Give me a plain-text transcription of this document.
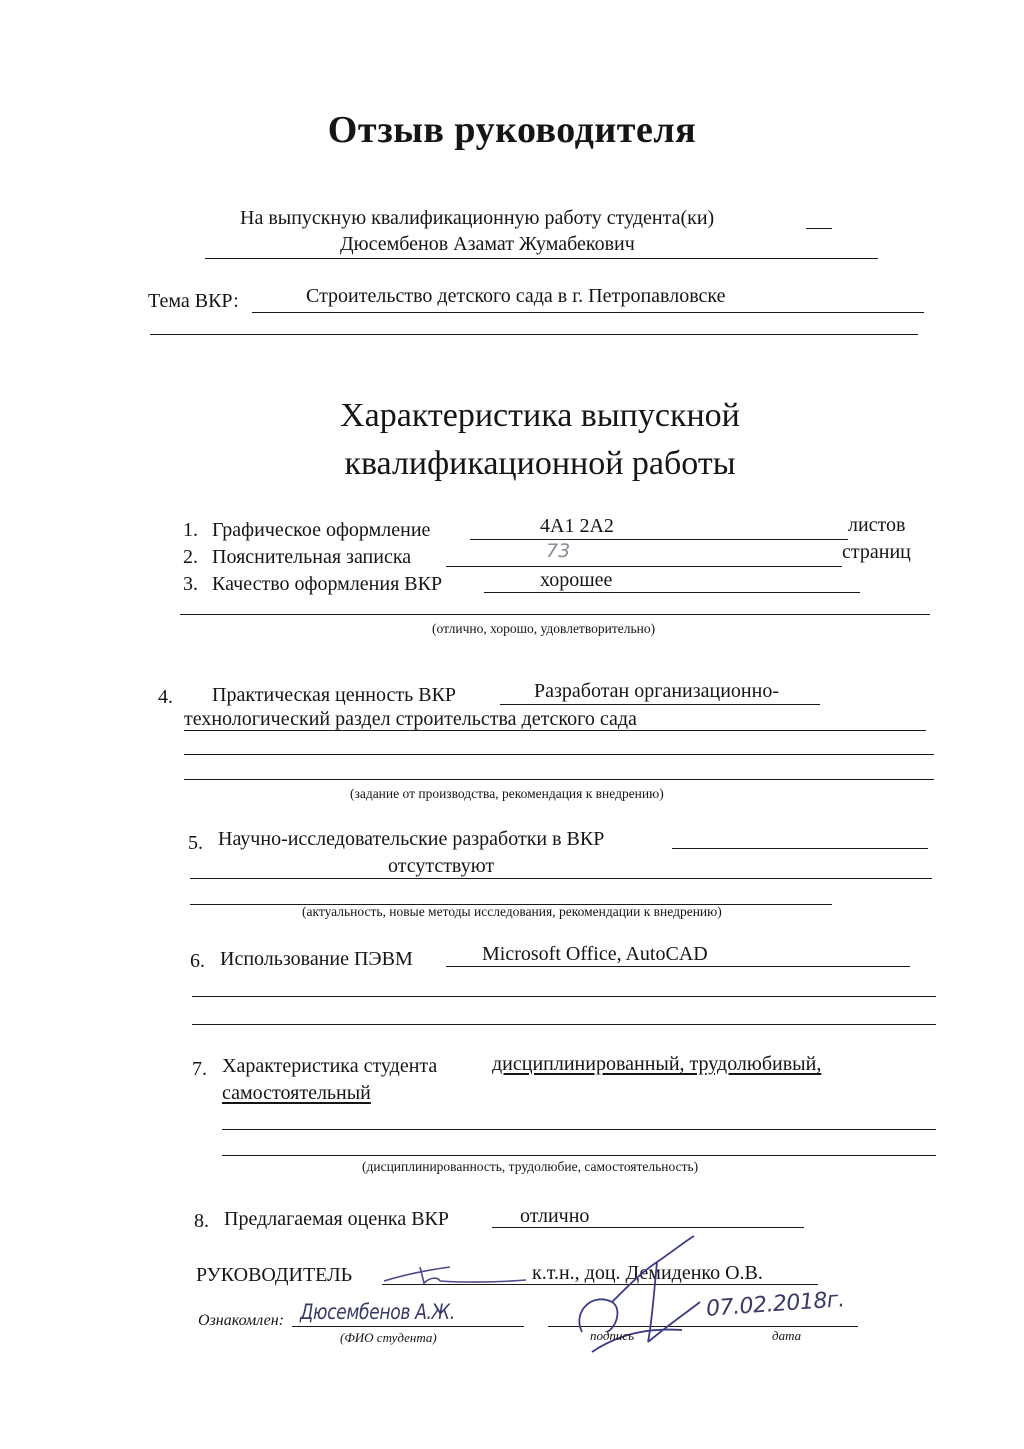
Отзыв руководителя
На выпускную квалификационную работу студента(ки)
Дюсембенов Азамат Жумабекович
Тема ВКР:	Строительство детского сада в г. Петропавловске
Характеристика выпускной
квалификационной работы
1. Графическое оформление	4А1 2А2	листов
2. Пояснительная записка	73	страниц
3. Качество оформления ВКР	хорошее
(отлично, хорошо, удовлетворительно)
4. Практическая ценность ВКР	Разработан организационно-
технологический раздел строительства детского сада
(задание от производства, рекомендация к внедрению)
5. Научно-исследовательские разработки в ВКР
отсутствуют
(актуальность, новые методы исследования, рекомендации к внедрению)
6. Использование ПЭВМ	Microsoft Office, AutoCAD
7. Характеристика студента	дисциплинированный, трудолюбивый,
самостоятельный
(дисциплинированность, трудолюбие, самостоятельность)
8. Предлагаемая оценка ВКР	отлично
РУКОВОДИТЕЛЬ	к.т.н., доц. Демиденко О.В.
Ознакомлен: Дюсембенов А.Ж.
(ФИО студента)	подпись
07.02.2018г.
дата
